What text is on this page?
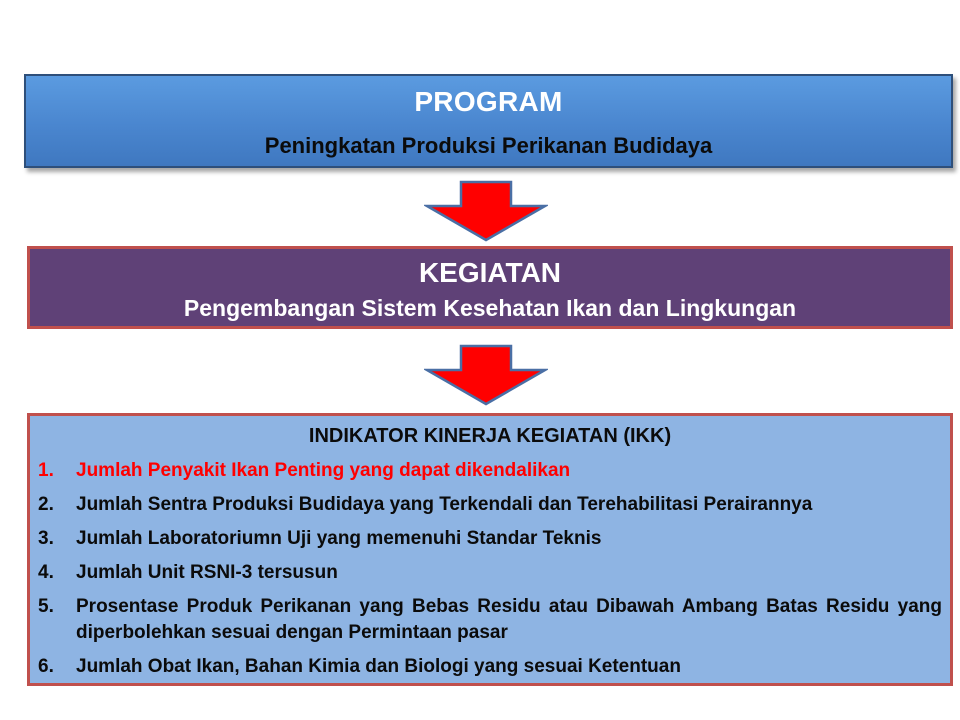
PROGRAM
Peningkatan Produksi Perikanan Budidaya
KEGIATAN
Pengembangan Sistem Kesehatan Ikan dan Lingkungan
INDIKATOR KINERJA KEGIATAN (IKK)
1.	Jumlah Penyakit Ikan Penting yang dapat dikendalikan
2.	Jumlah Sentra Produksi Budidaya yang Terkendali dan Terehabilitasi Perairannya
3.	Jumlah Laboratoriumn Uji yang memenuhi Standar Teknis
4.	Jumlah Unit RSNI-3 tersusun
5.	Prosentase Produk Perikanan yang Bebas Residu atau Dibawah Ambang Batas Residu yang diperbolehkan sesuai dengan Permintaan pasar
6.	Jumlah Obat Ikan, Bahan Kimia dan Biologi yang sesuai Ketentuan
